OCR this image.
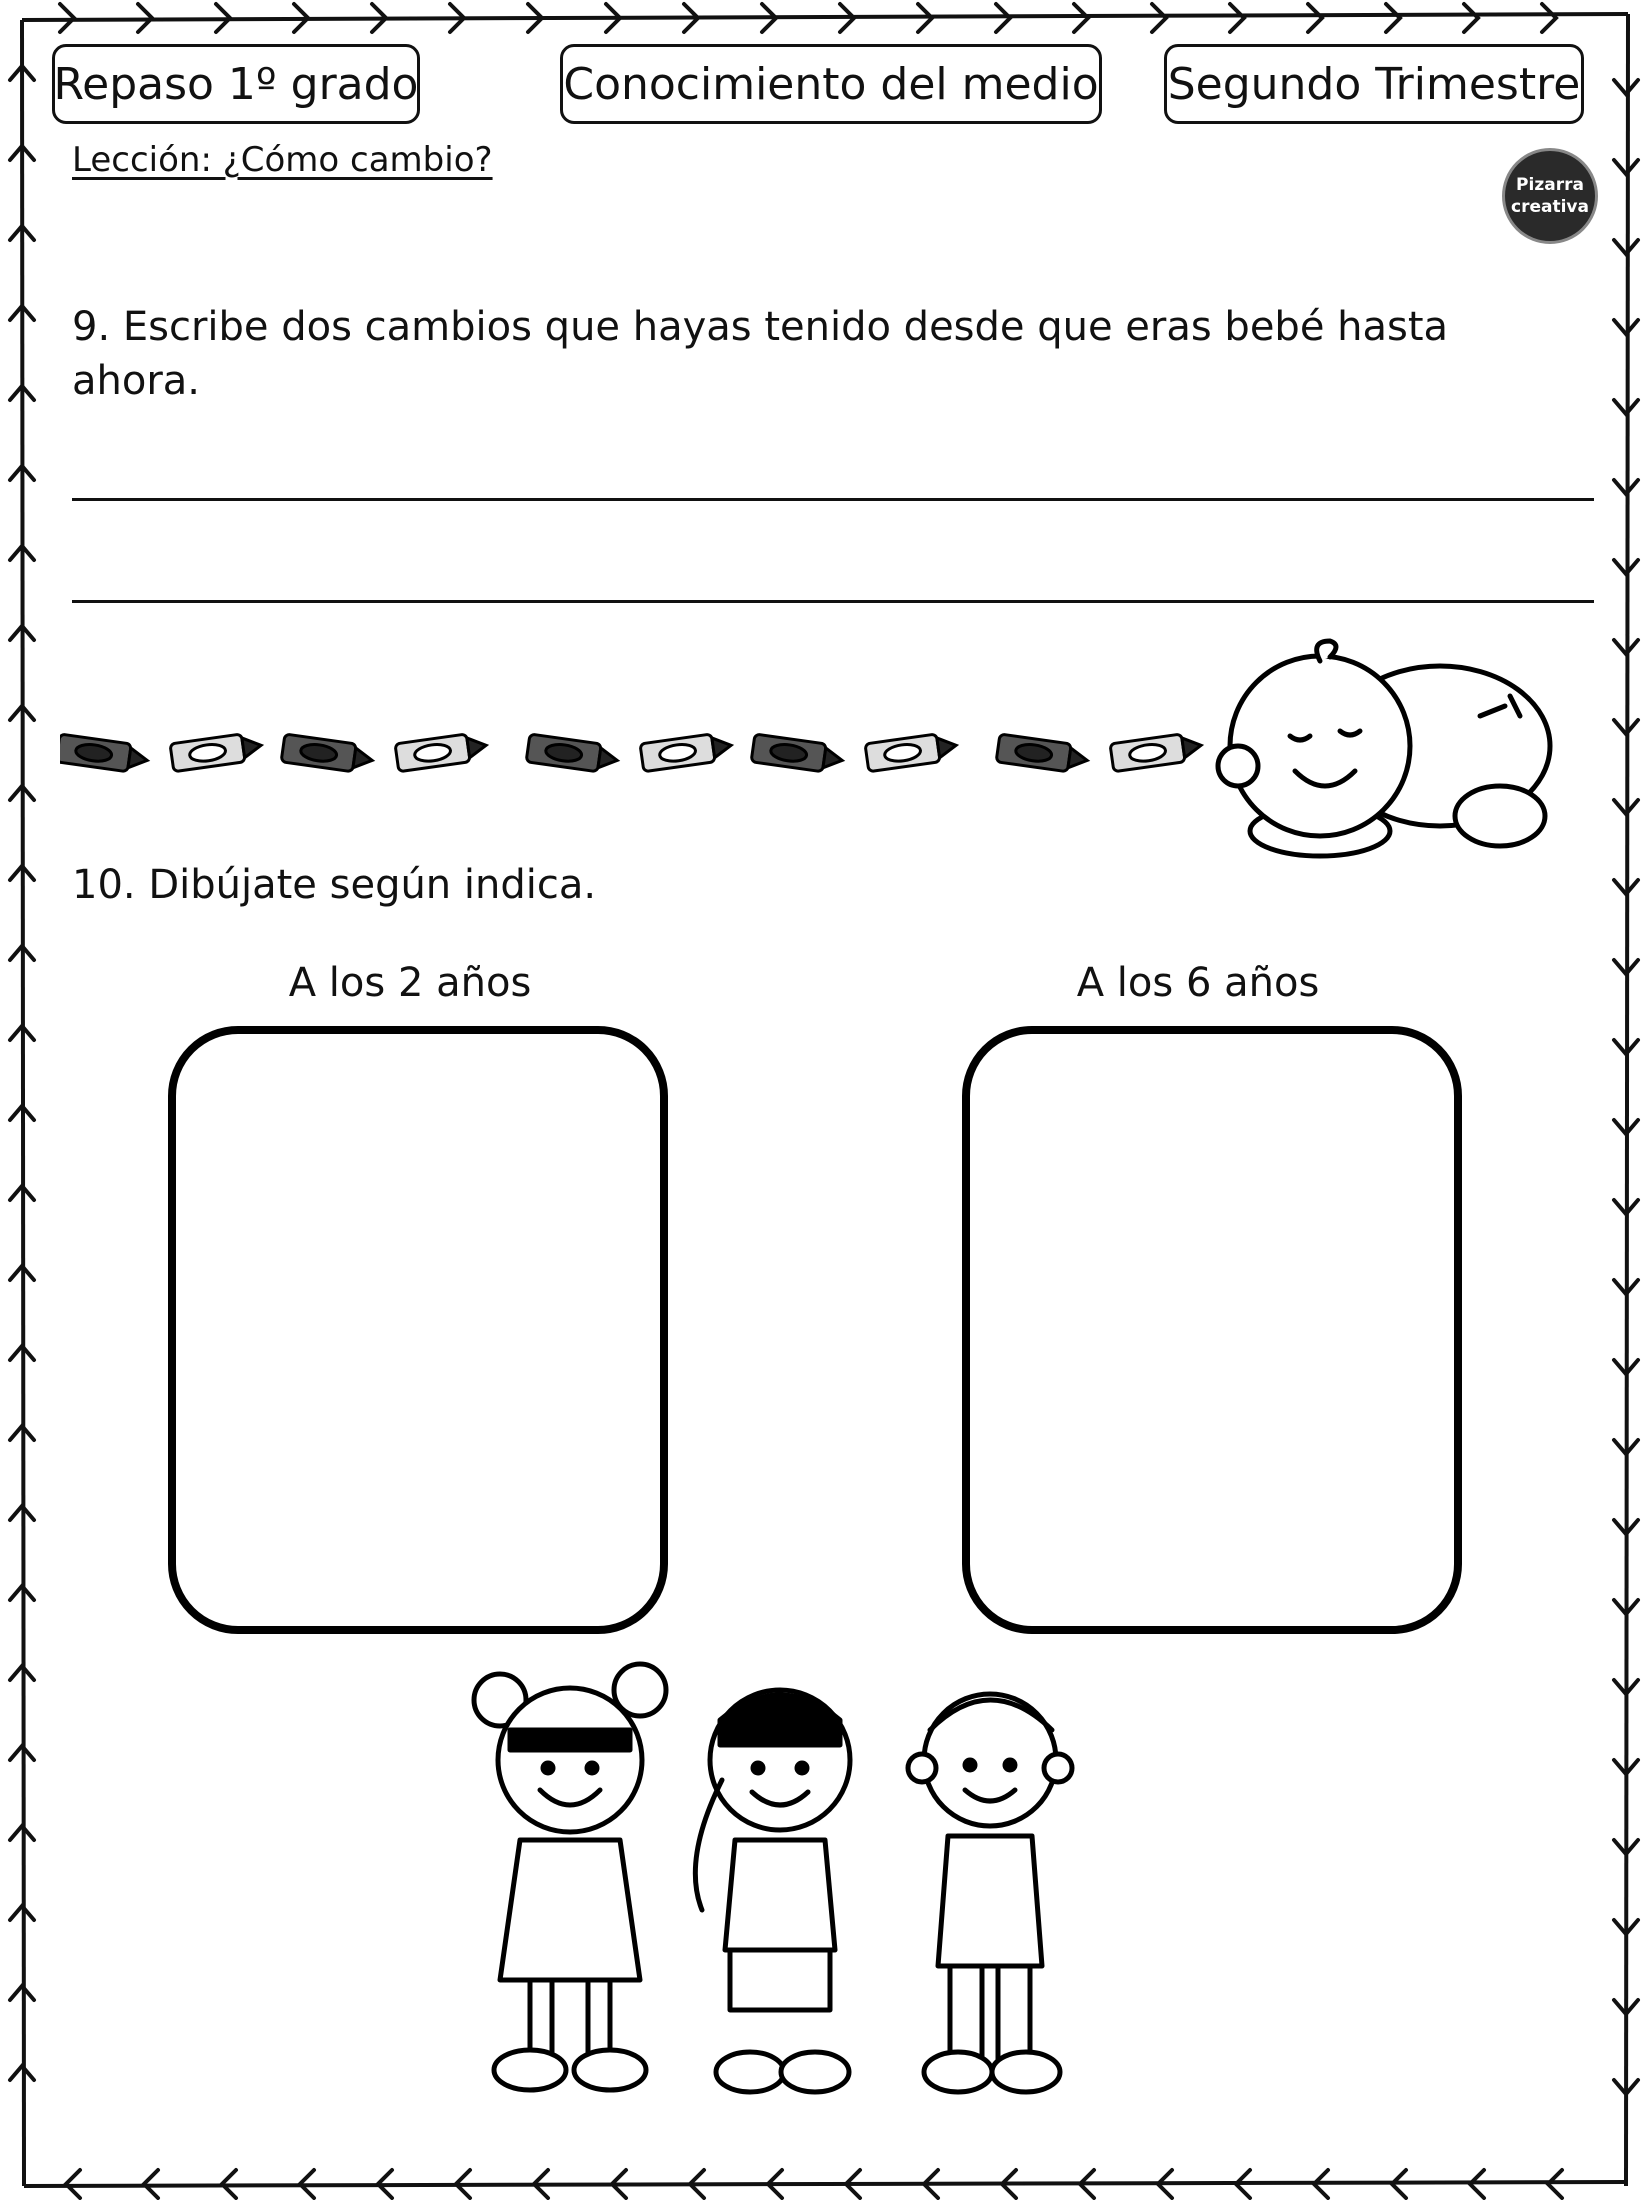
Repaso 1º grado	Conocimiento del medio Segundo Trimestre
Lección: ¿Cómo cambio?
Pizarra
creativa
9. Escribe dos cambios que hayas tenido desde que eras bebé hasta ahora.
10. Dibújate según indica.
A los 2 años	A los 6 años
